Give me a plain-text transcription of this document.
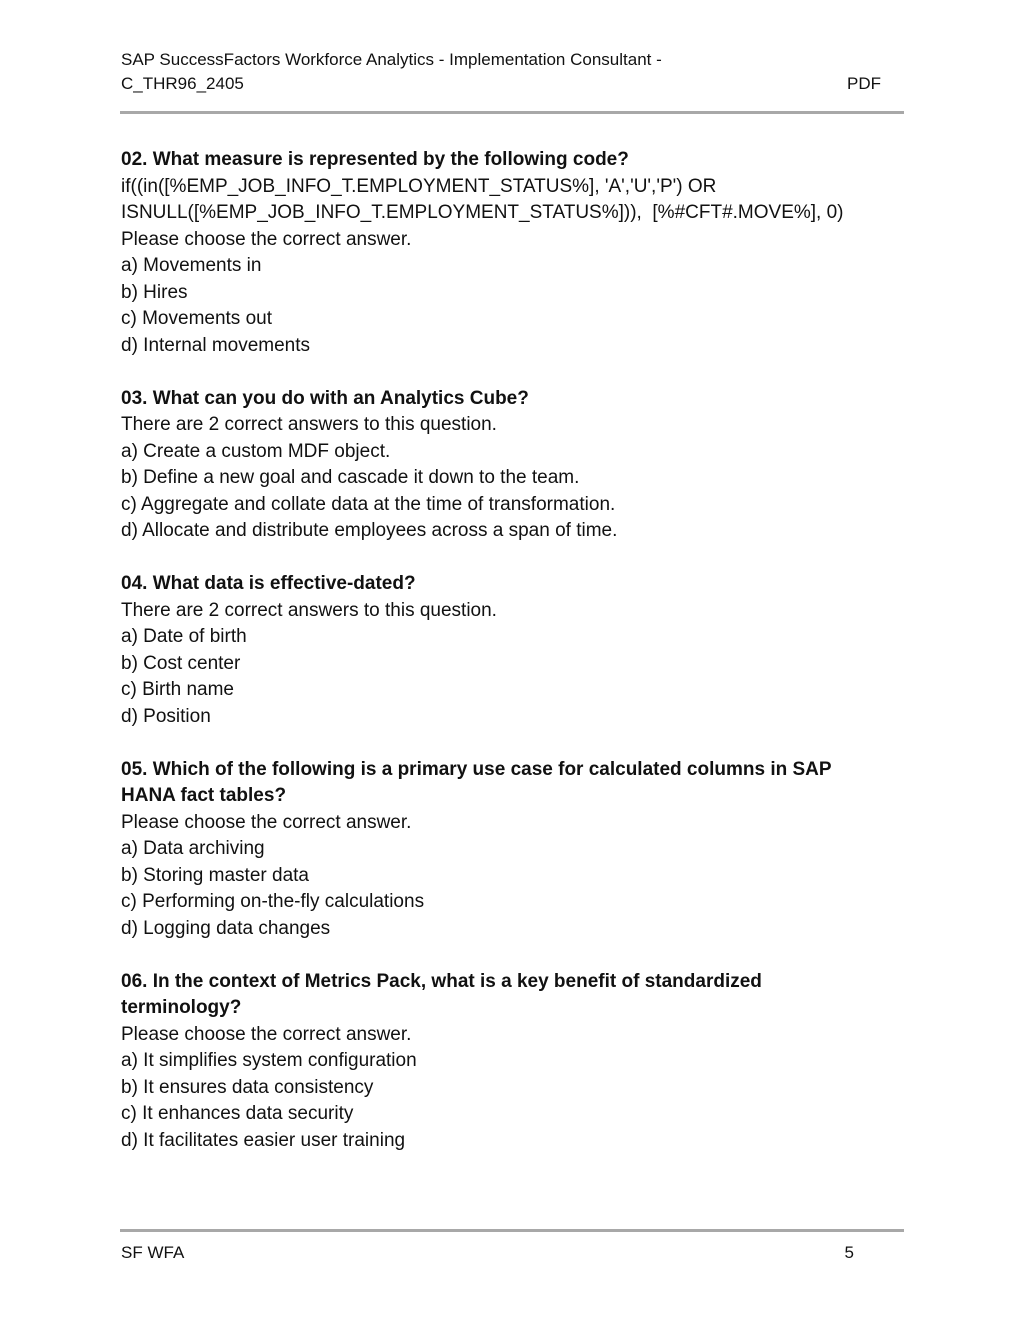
SAP SuccessFactors Workforce Analytics - Implementation Consultant -
C_THR96_2405	PDF
02. What measure is represented by the following code?
if((in([%EMP_JOB_INFO_T.EMPLOYMENT_STATUS%], 'A','U','P') OR
ISNULL([%EMP_JOB_INFO_T.EMPLOYMENT_STATUS%])),  [%#CFT#.MOVE%], 0)
Please choose the correct answer.
a) Movements in
b) Hires
c) Movements out
d) Internal movements
03. What can you do with an Analytics Cube?
There are 2 correct answers to this question.
a) Create a custom MDF object.
b) Define a new goal and cascade it down to the team.
c) Aggregate and collate data at the time of transformation.
d) Allocate and distribute employees across a span of time.
04. What data is effective-dated?
There are 2 correct answers to this question.
a) Date of birth
b) Cost center
c) Birth name
d) Position
05. Which of the following is a primary use case for calculated columns in SAP
HANA fact tables?
Please choose the correct answer.
a) Data archiving
b) Storing master data
c) Performing on-the-fly calculations
d) Logging data changes
06. In the context of Metrics Pack, what is a key benefit of standardized
terminology?
Please choose the correct answer.
a) It simplifies system configuration
b) It ensures data consistency
c) It enhances data security
d) It facilitates easier user training
SF WFA	5
